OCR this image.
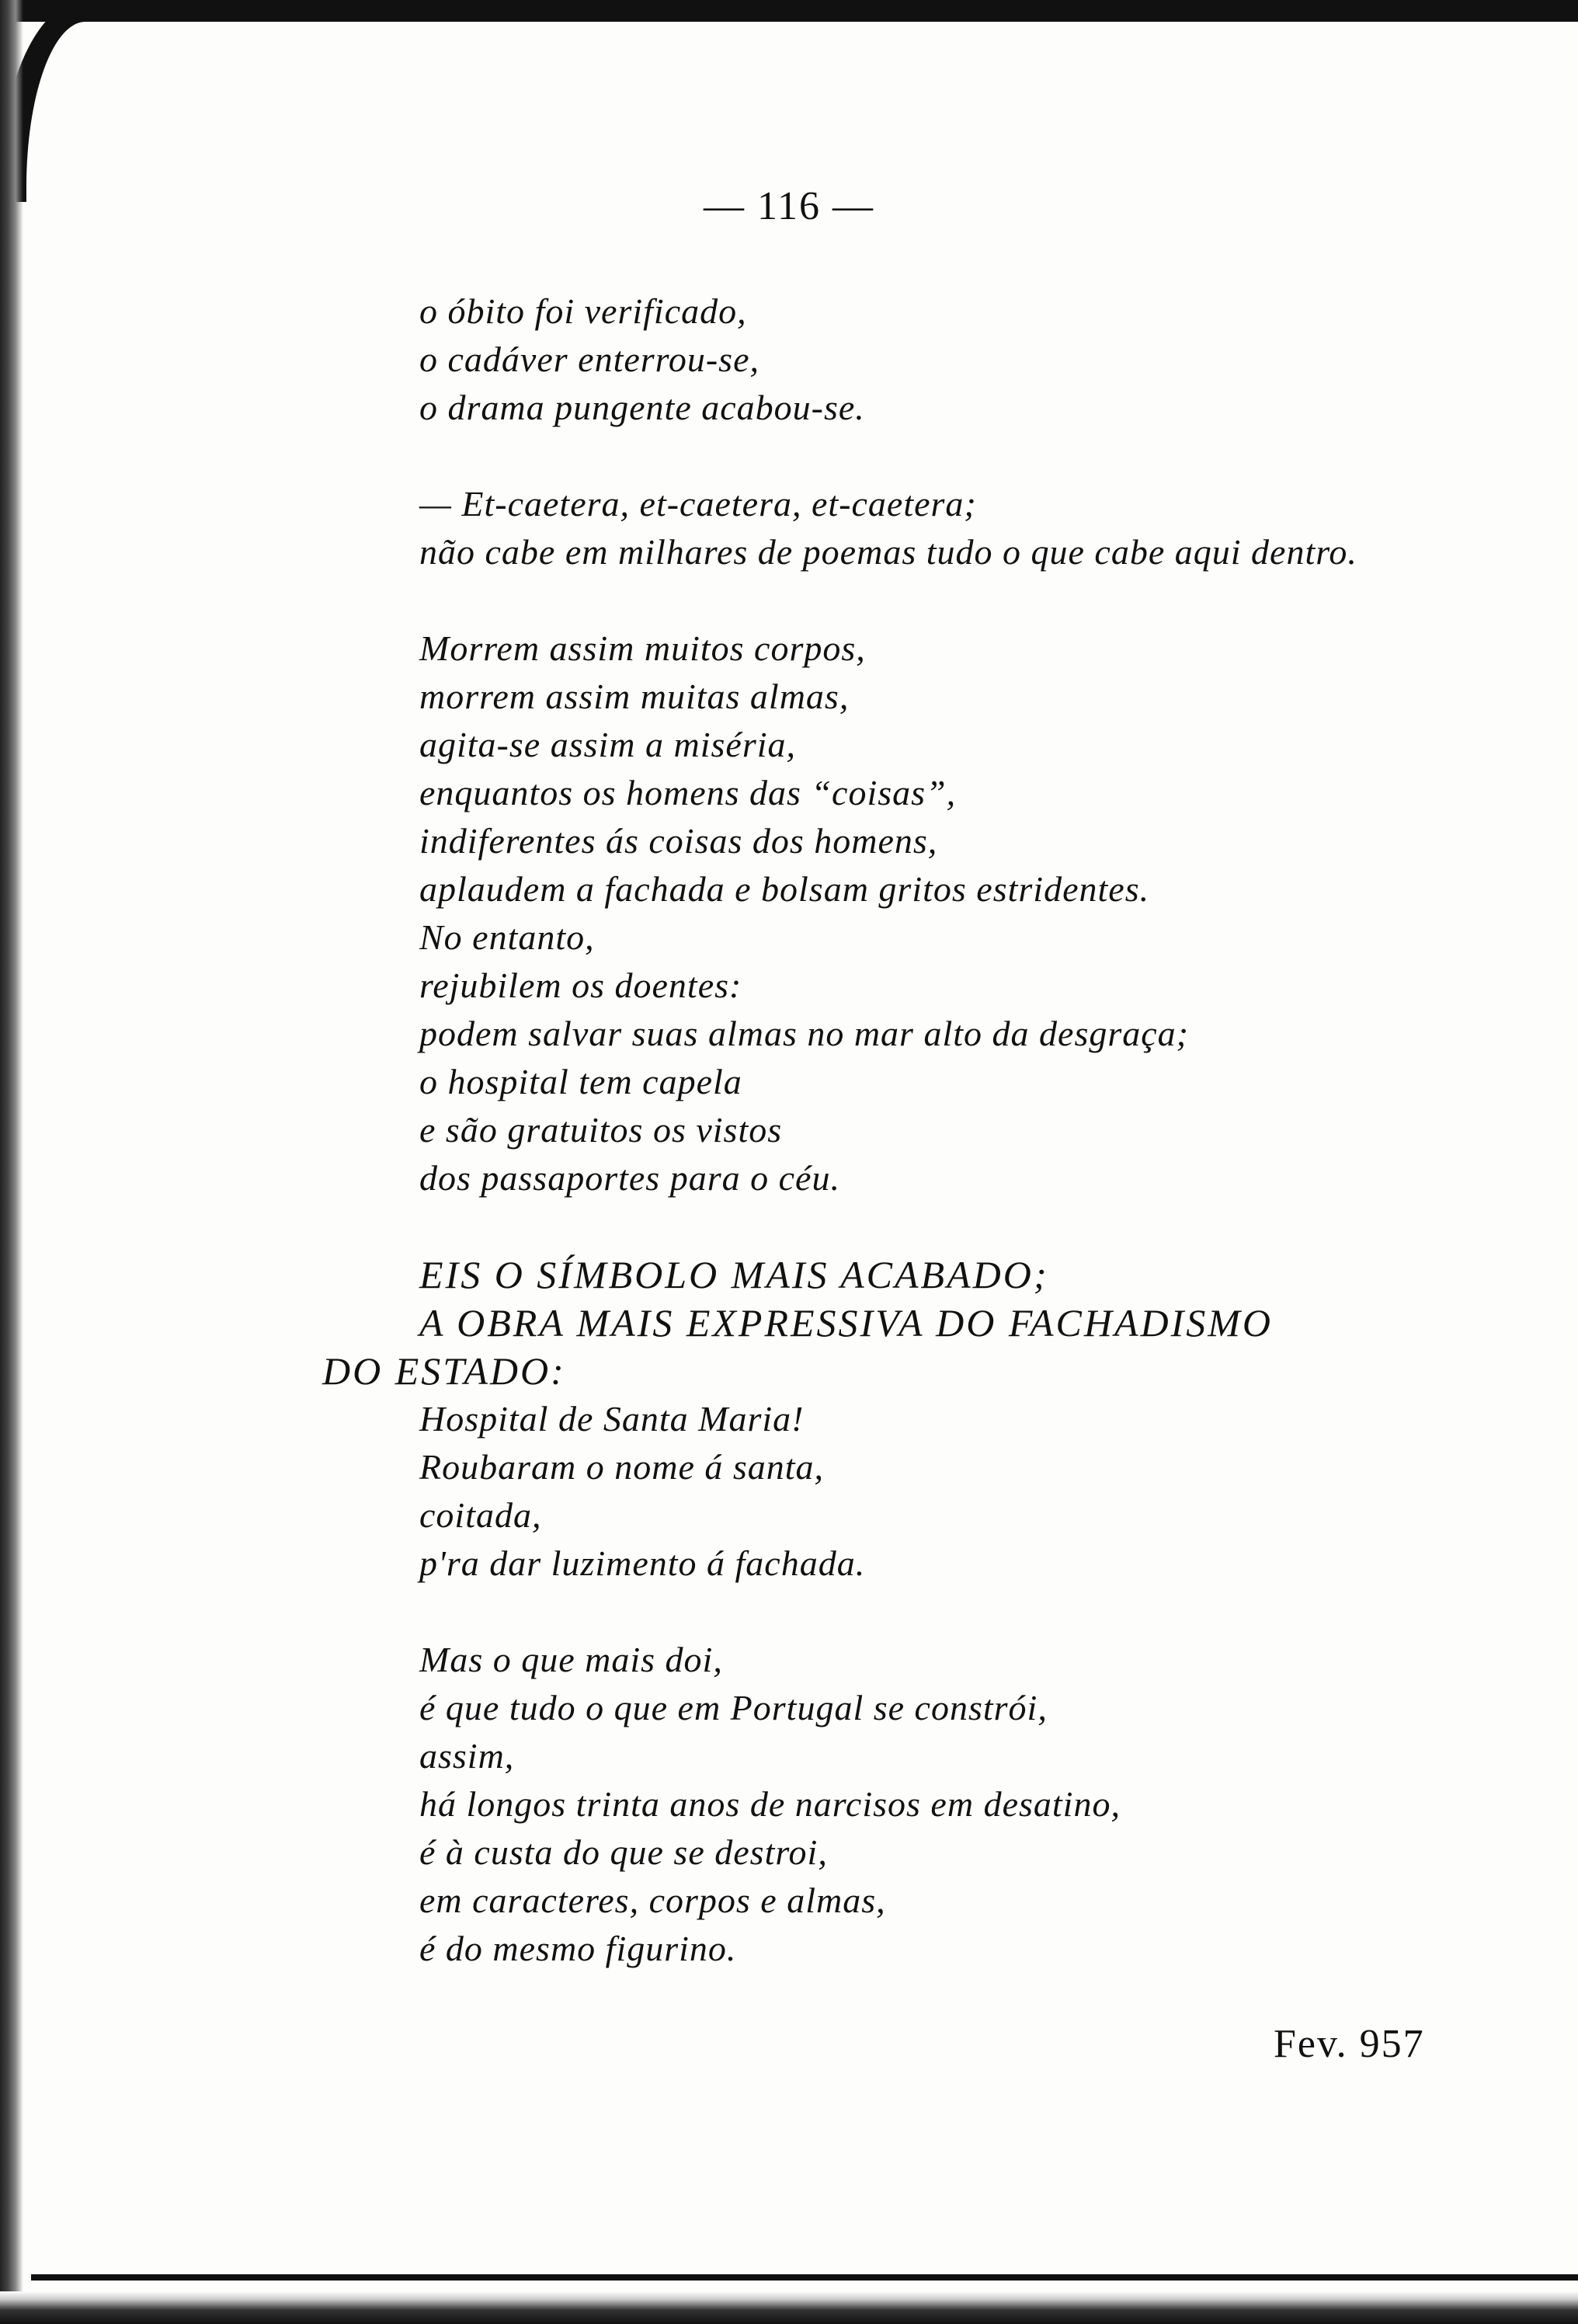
— 116 —
o óbito foi verificado,
o cadáver enterrou-se,
o drama pungente acabou-se.
— Et-caetera, et-caetera, et-caetera;
não cabe em milhares de poemas tudo o que cabe aqui dentro.
Morrem assim muitos corpos,
morrem assim muitas almas,
agita-se assim a miséria,
enquantos os homens das “coisas”,
indiferentes ás coisas dos homens,
aplaudem a fachada e bolsam gritos estridentes.
No entanto,
rejubilem os doentes:
podem salvar suas almas no mar alto da desgraça;
o hospital tem capela
e são gratuitos os vistos
dos passaportes para o céu.
EIS O SÍMBOLO MAIS ACABADO;
A OBRA MAIS EXPRESSIVA DO FACHADISMO
DO ESTADO:
Hospital de Santa Maria!
Roubaram o nome á santa,
coitada,
p'ra dar luzimento á fachada.
Mas o que mais doi,
é que tudo o que em Portugal se constrói,
assim,
há longos trinta anos de narcisos em desatino,
é à custa do que se destroi,
em caracteres, corpos e almas,
é do mesmo figurino.
Fev. 957
